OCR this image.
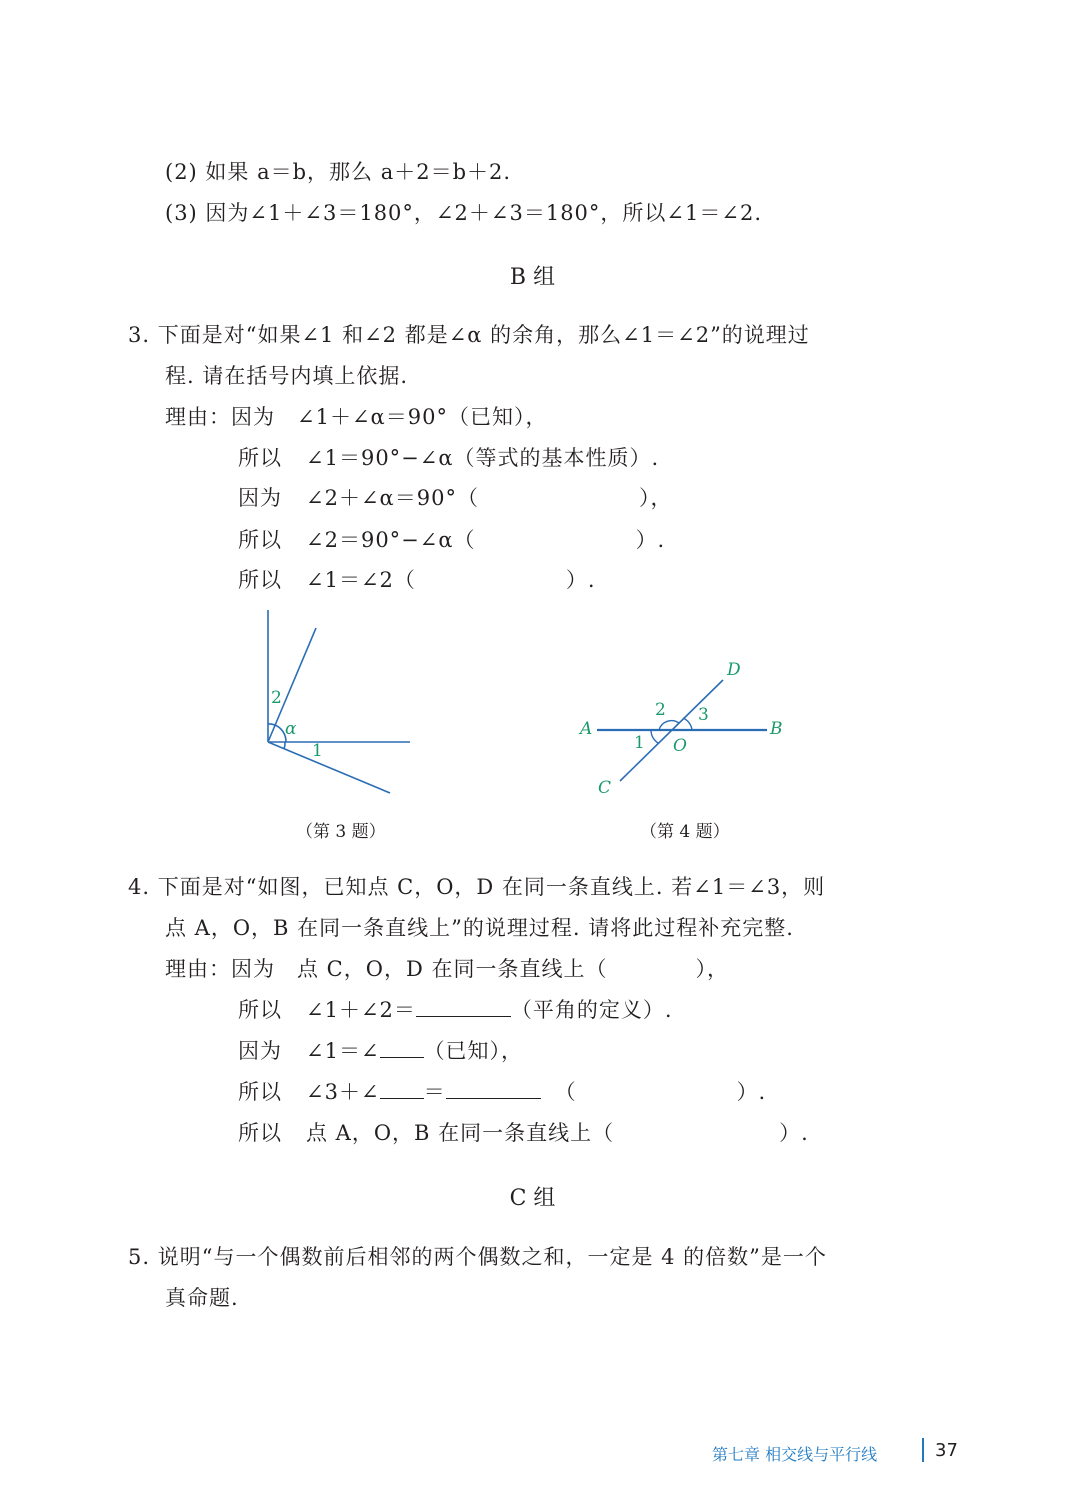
(2) 如果 a＝b，那么 a＋2＝b＋2.
(3) 因为∠1＋∠3＝180°，∠2＋∠3＝180°，所以∠1＝∠2.
B 组
3. 下面是对“如果∠1 和∠2 都是∠α 的余角，那么∠1＝∠2”的说理过
程. 请在括号内填上依据.
理由：因为 ∠1＋∠α＝90°（已知），
所以 ∠1＝90°−∠α（等式的基本性质）.
因为 ∠2＋∠α＝90°（	），
所以 ∠2＝90°−∠α（	）.
所以 ∠1＝∠2（	）.
2
α
1
（第 3 题）
A	B
C
D
O
1
2 3
（第 4 题）
4. 下面是对“如图，已知点 C，O，D 在同一条直线上. 若∠1＝∠3，则
点 A，O，B 在同一条直线上”的说理过程. 请将此过程补充完整.
理由：因为 点 C，O，D 在同一条直线上（	），
所以 ∠1＋∠2＝	（平角的定义）.
因为 ∠1＝∠ （已知），
所以 ∠3＋∠ ＝	（	）.
所以 点 A，O，B 在同一条直线上（	）.
C 组
5. 说明“与一个偶数前后相邻的两个偶数之和，一定是 4 的倍数”是一个
真命题.
第七章 相交线与平行线	37
